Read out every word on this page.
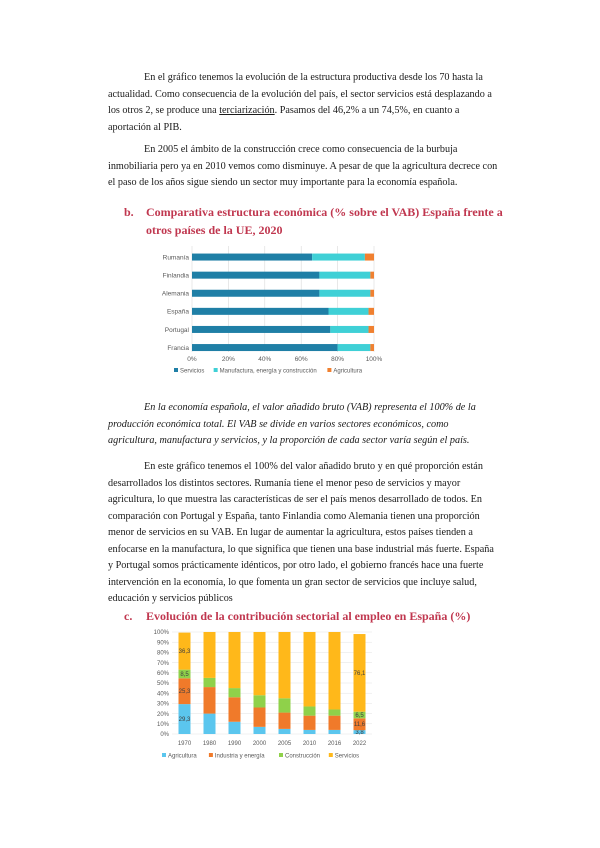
En el gráfico tenemos la evolución de la estructura productiva desde los 70 hasta la actualidad. Como consecuencia de la evolución del país, el sector servicios está desplazando a los otros 2, se produce una terciarización. Pasamos del 46,2% a un 74,5%, en cuanto a aportación al PIB.

En 2005 el ámbito de la construcción crece como consecuencia de la burbuja inmobiliaria pero ya en 2010 vemos como disminuye. A pesar de que la agricultura decrece con el paso de los años sigue siendo un sector muy importante para la economía española.

b. Comparativa estructura económica (% sobre el VAB) España frente a
otros países de la UE, 2020
0%	20%	40%	60%	80%	100%
Rumanía
Finlandia
Alemania
España
Portugal
Francia
Servicios	Manufactura, energía y construcción	Agricultura

En la economía española, el valor añadido bruto (VAB) representa el 100% de la producción económica total. El VAB se divide en varios sectores económicos, como agricultura, manufactura y servicios, y la proporción de cada sector varía según el país.

En este gráfico tenemos el 100% del valor añadido bruto y en qué proporción están desarrollados los distintos sectores. Rumanía tiene el menor peso de servicios y mayor agricultura, lo que muestra las características de ser el país menos desarrollado de todos. En comparación con Portugal y España, tanto Finlandia como Alemania tienen una proporción menor de servicios en su VAB. En lugar de aumentar la agricultura, estos países tienden a enfocarse en la manufactura, lo que significa que tienen una base industrial más fuerte. España y Portugal somos prácticamente idénticos, por otro lado, el gobierno francés hace una fuerte intervención en la economía, lo que fomenta un gran sector de servicios que incluye salud, educación y servicios públicos

c. Evolución de la contribución sectorial al empleo en España (%)
0%
10%
20%
30%
40%
50%
60%
70%
80%
90%
100%
29,3
25,3
8,5
36,3
1970 1980 1990 2000 2005 2010 2016
3,8
11,6
6,5
76,1
2022
Agricultura	Industria y energía	Construcción Servicios
